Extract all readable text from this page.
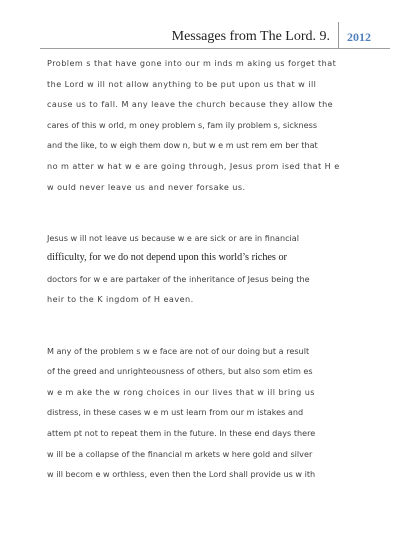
Messages from The Lord. 9. 2012
Problem s that have gone into our m inds m aking us forget that
the Lord w ill not allow anything to be put upon us that w ill
cause us to fall. M any leave the church because they allow the
cares of this w orld, m oney problem s, fam ily problem s, sickness
and the like, to w eigh them dow n, but w e m ust rem em ber that
no m atter w hat w e are going through, Jesus prom ised that H e
w ould never leave us and never forsake us.
Jesus w ill not leave us because w e are sick or are in financial
difficulty, for we do not depend upon this world’s riches or
doctors for w e are partaker of the inheritance of Jesus being the
heir to the K ingdom of H eaven.
M any of the problem s w e face are not of our doing but a result
of the greed and unrighteousness of others, but also som etim es
w e m ake the w rong choices in our lives that w ill bring us
distress, in these cases w e m ust learn from our m istakes and
attem pt not to repeat them in the future. In these end days there
w ill be a collapse of the financial m arkets w here gold and silver
w ill becom e w orthless, even then the Lord shall provide us w ith
